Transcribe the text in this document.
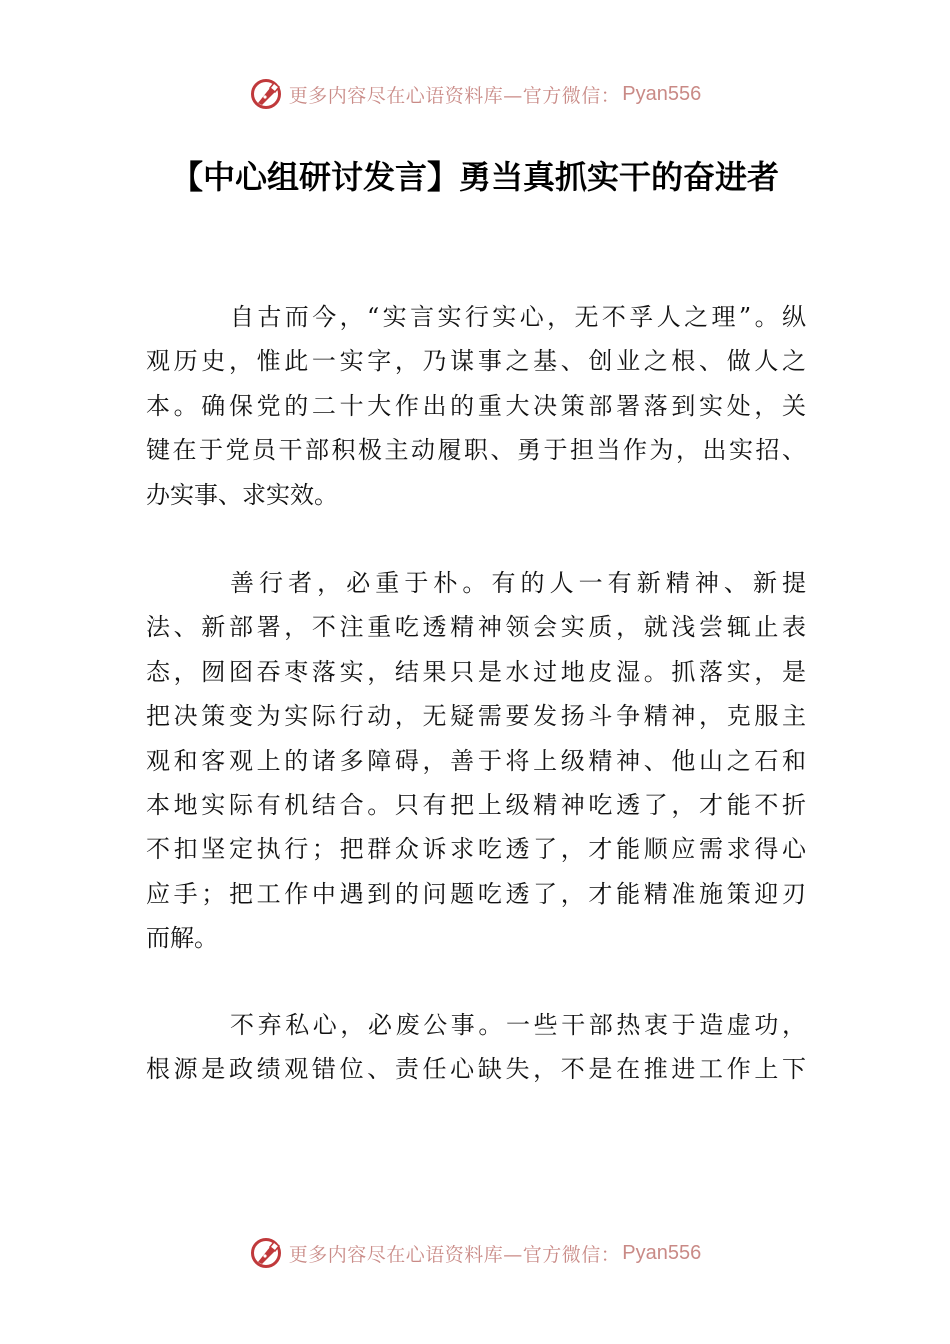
更多内容尽在心语资料库—官方微信： Pyan556
【中心组研讨发言】勇当真抓实干的奋进者
自古而今，“实言实行实心，无不孚人之理”。纵
观历史，惟此一实字，乃谋事之基、创业之根、做人之
本。确保党的二十大作出的重大决策部署落到实处，关
键在于党员干部积极主动履职、勇于担当作为，出实招、
办实事、求实效。
善行者，必重于朴。有的人一有新精神、新提
法、新部署，不注重吃透精神领会实质，就浅尝辄止表
态，囫囵吞枣落实，结果只是水过地皮湿。抓落实，是
把决策变为实际行动，无疑需要发扬斗争精神，克服主
观和客观上的诸多障碍，善于将上级精神、他山之石和
本地实际有机结合。只有把上级精神吃透了，才能不折
不扣坚定执行；把群众诉求吃透了，才能顺应需求得心
应手；把工作中遇到的问题吃透了，才能精准施策迎刃
而解。
不弃私心，必废公事。一些干部热衷于造虚功，
根源是政绩观错位、责任心缺失，不是在推进工作上下
更多内容尽在心语资料库—官方微信： Pyan556
